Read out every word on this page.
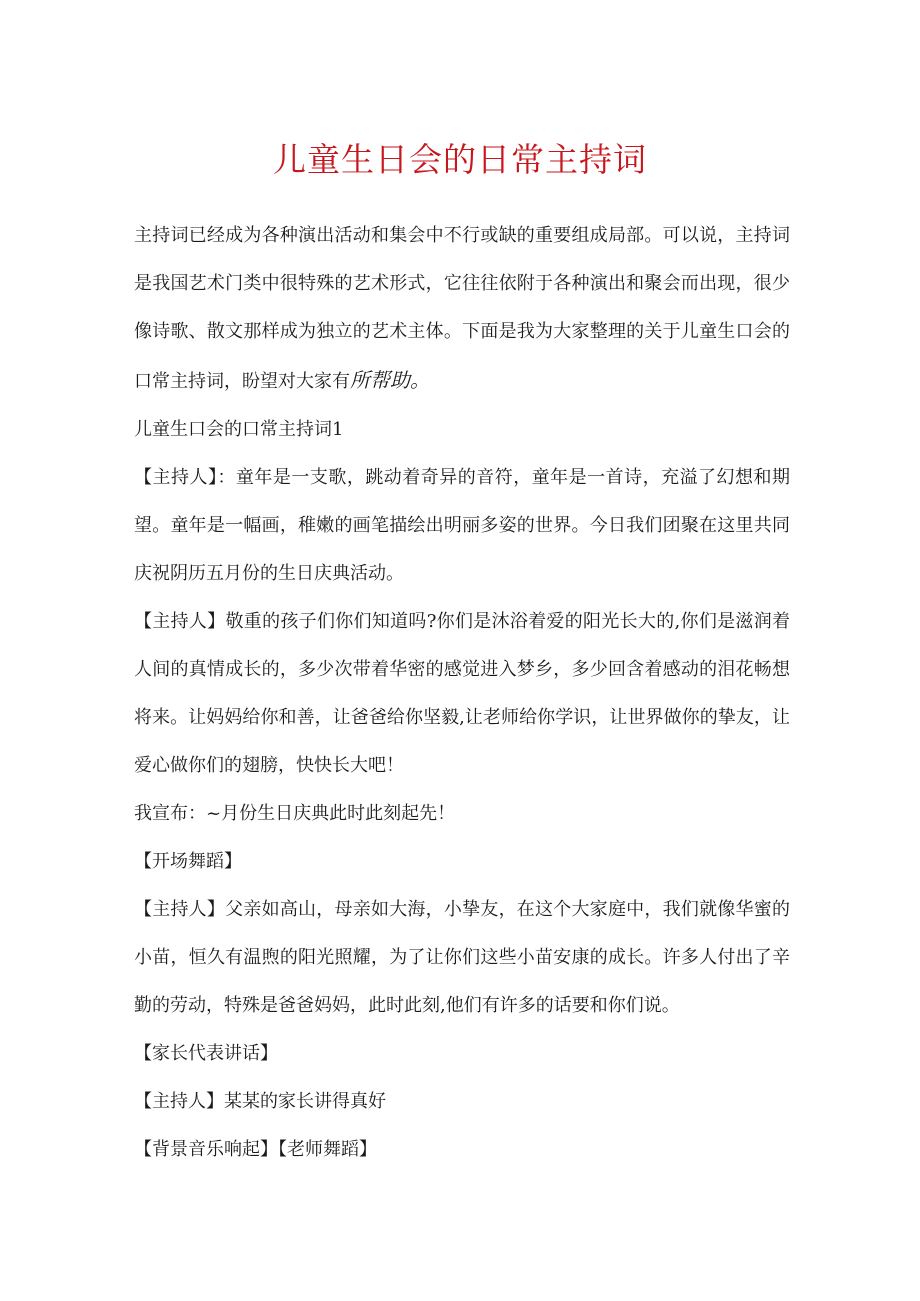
儿童生日会的日常主持词

主持词已经成为各种演出活动和集会中不行或缺的重要组成局部。可以说，主持词是我国艺术门类中很特殊的艺术形式，它往往依附于各种演出和聚会而出现，很少像诗歌、散文那样成为独立的艺术主体。下面是我为大家整理的关于儿童生口会的口常主持词，盼望对大家有所帮助。

儿童生口会的口常主持词1

【主持人】：童年是一支歌，跳动着奇异的音符，童年是一首诗，充溢了幻想和期望。童年是一幅画，稚嫩的画笔描绘出明丽多姿的世界。今日我们团聚在这里共同庆祝阴历五月份的生日庆典活动。

【主持人】敬重的孩子们你们知道吗?你们是沐浴着爱的阳光长大的,你们是滋润着人间的真情成长的，多少次带着华密的感觉进入梦乡，多少回含着感动的泪花畅想将来。让妈妈给你和善，让爸爸给你坚毅,让老师给你学识，让世界做你的挚友，让爱心做你们的翅膀，快快长大吧！

我宣布：~月份生日庆典此时此刻起先！

【开场舞蹈】

【主持人】父亲如高山，母亲如大海，小挚友，在这个大家庭中，我们就像华蜜的小苗，恒久有温煦的阳光照耀，为了让你们这些小苗安康的成长。许多人付出了辛勤的劳动，特殊是爸爸妈妈，此时此刻,他们有许多的话要和你们说。

【家长代表讲话】

【主持人】某某的家长讲得真好

【背景音乐响起】【老师舞蹈】
